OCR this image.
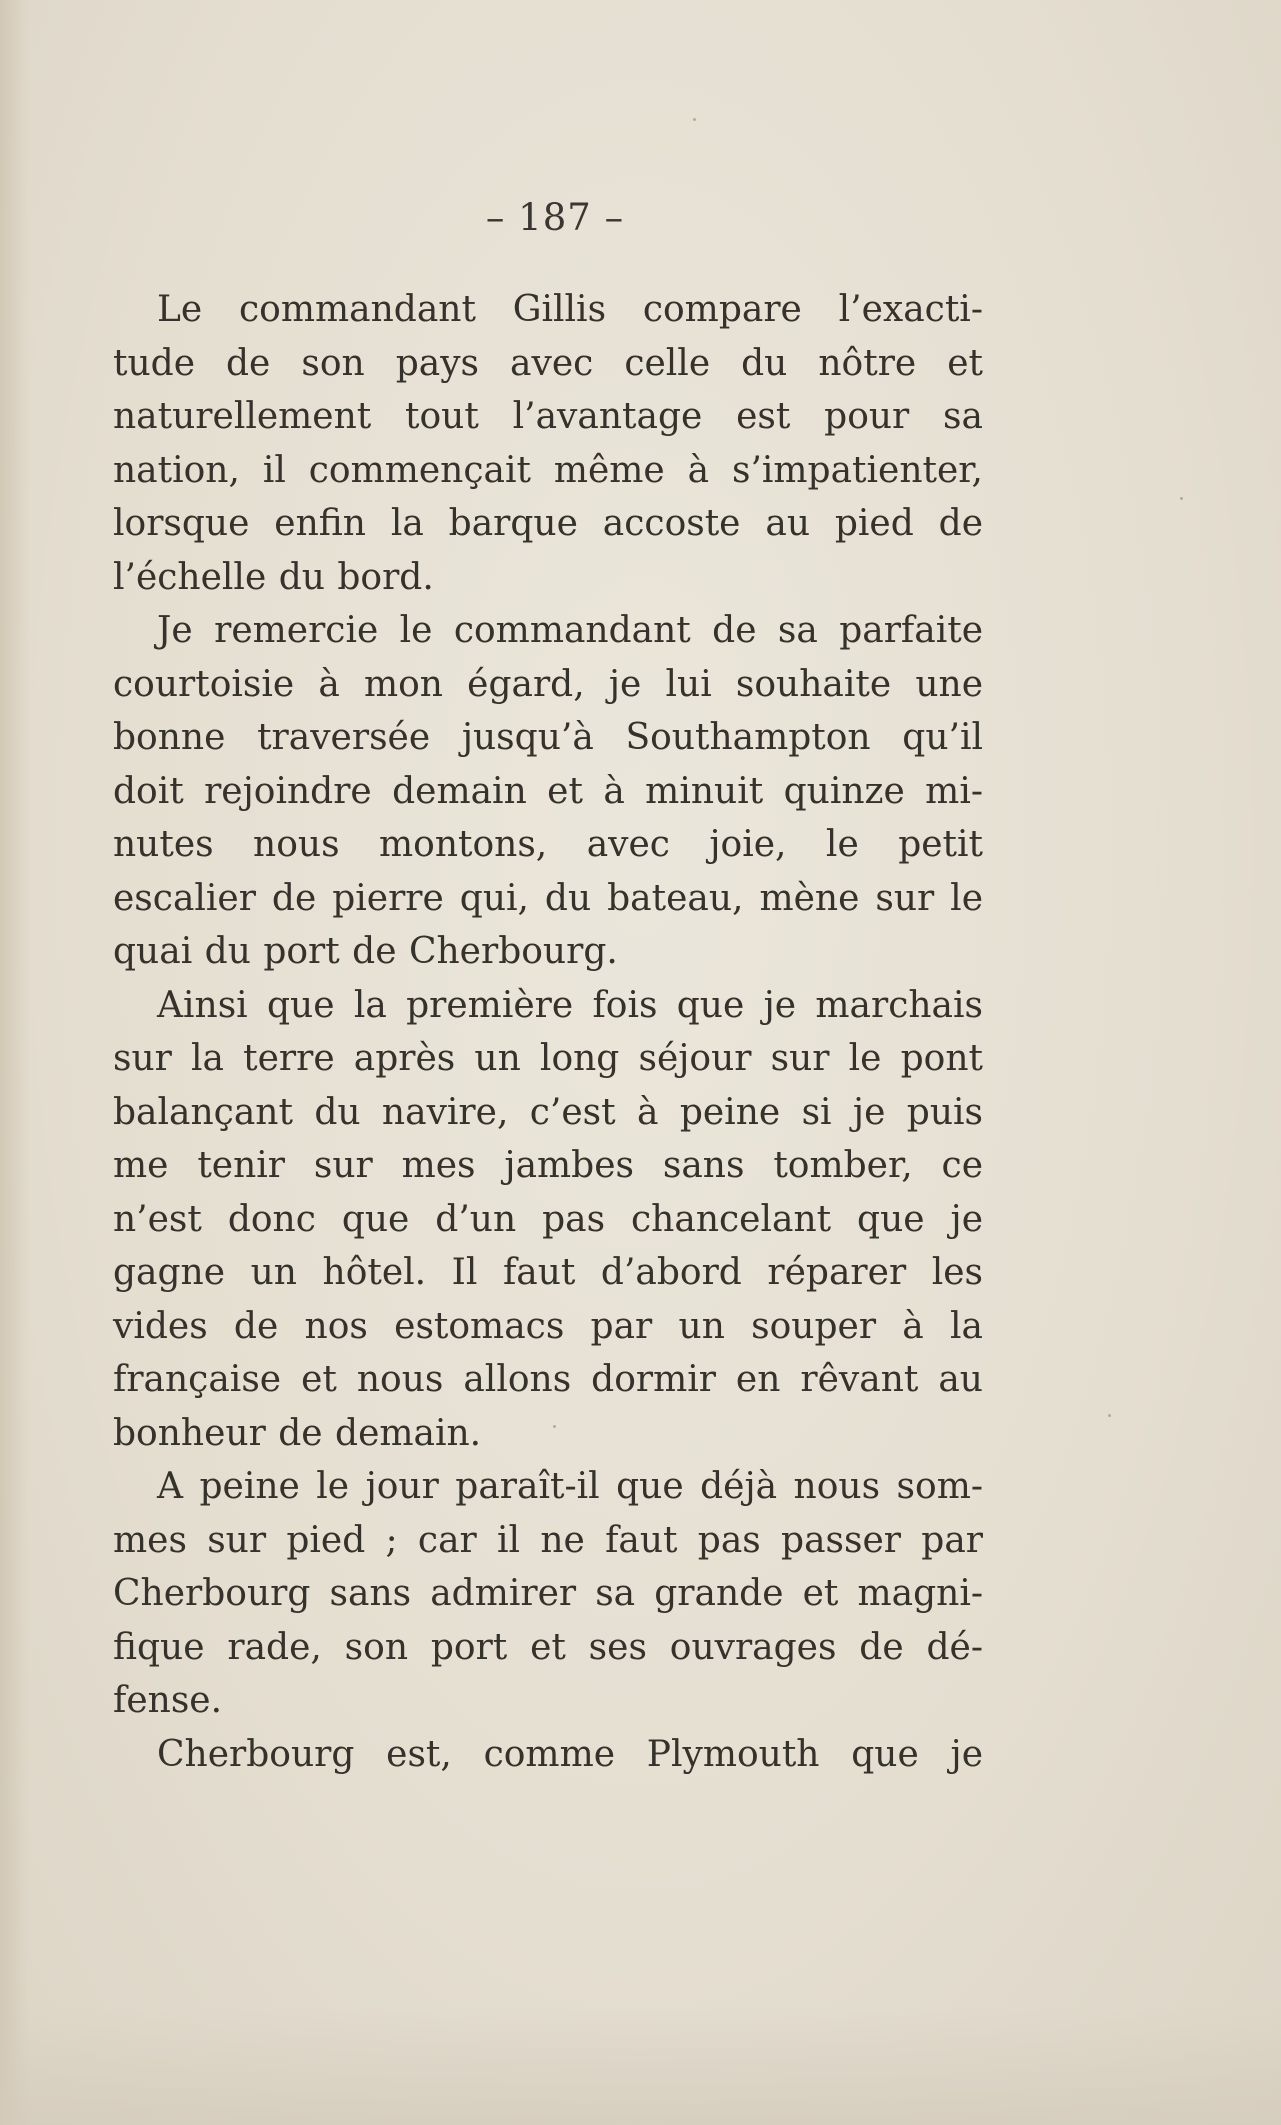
– 187 –
Le commandant Gillis compare l’exacti-
tude de son pays avec celle du nôtre et
naturellement tout l’avantage est pour sa
nation, il commençait même à s’impatienter,
lorsque enfin la barque accoste au pied de
l’échelle du bord.
Je remercie le commandant de sa parfaite
courtoisie à mon égard, je lui souhaite une
bonne traversée jusqu’à Southampton qu’il
doit rejoindre demain et à minuit quinze mi-
nutes nous montons, avec joie, le petit
escalier de pierre qui, du bateau, mène sur le
quai du port de Cherbourg.
Ainsi que la première fois que je marchais
sur la terre après un long séjour sur le pont
balançant du navire, c’est à peine si je puis
me tenir sur mes jambes sans tomber, ce
n’est donc que d’un pas chancelant que je
gagne un hôtel. Il faut d’abord réparer les
vides de nos estomacs par un souper à la
française et nous allons dormir en rêvant au
bonheur de demain.
A peine le jour paraît-il que déjà nous som-
mes sur pied ; car il ne faut pas passer par
Cherbourg sans admirer sa grande et magni-
fique rade, son port et ses ouvrages de dé-
fense.
Cherbourg est, comme Plymouth que je
